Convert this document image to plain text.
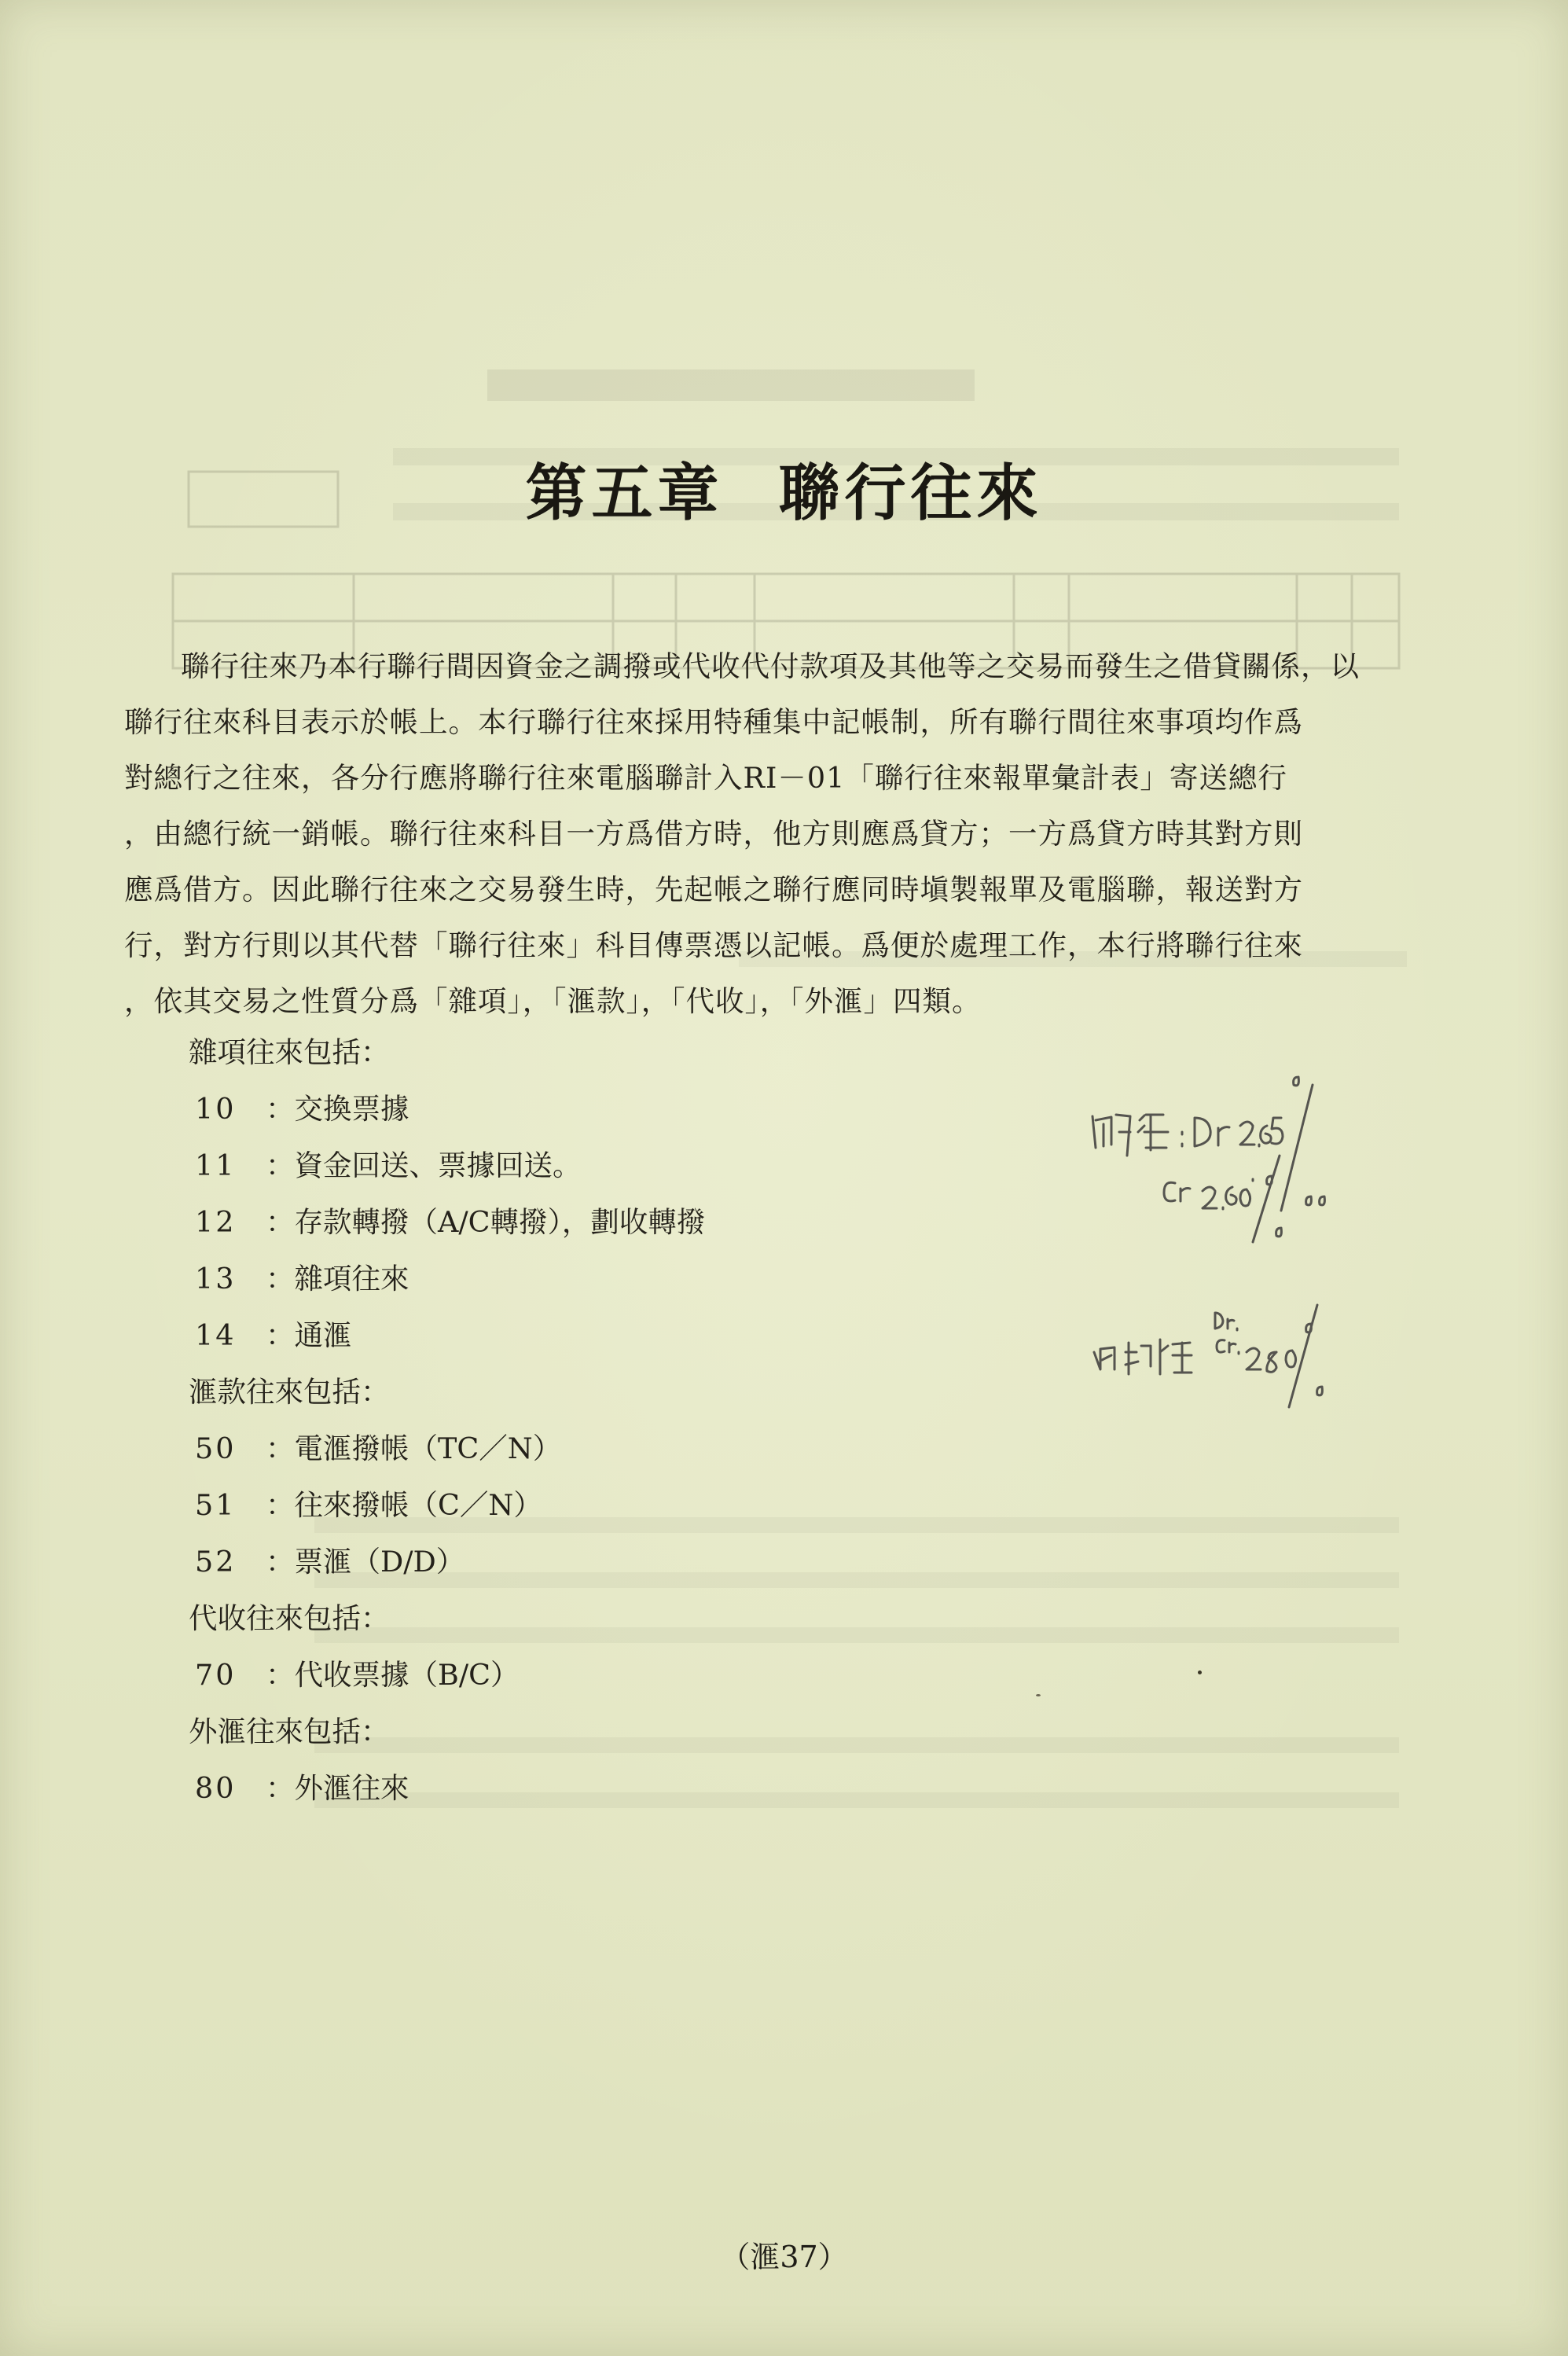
第五章 聯行往來
聯行往來乃本行聯行間因資金之調撥或代收代付款項及其他等之交易而發生之借貸關係，以
聯行往來科目表示於帳上。本行聯行往來採用特種集中記帳制，所有聯行間往來事項均作爲
對總行之往來，各分行應將聯行往來電腦聯計入RI－01「聯行往來報單彙計表」寄送總行
，由總行統一銷帳。聯行往來科目一方爲借方時，他方則應爲貸方；一方爲貸方時其對方則
應爲借方。因此聯行往來之交易發生時，先起帳之聯行應同時塡製報單及電腦聯，報送對方
行，對方行則以其代替「聯行往來」科目傳票憑以記帳。爲便於處理工作，本行將聯行往來
，依其交易之性質分爲「雜項」，「滙款」，「代收」，「外滙」四類。
雜項往來包括：
10 ：交換票據
11 ：資金回送、票據回送。
12 ：存款轉撥（A/C轉撥），劃收轉撥
13 ：雜項往來
14 ：通滙
滙款往來包括：
50 ：電滙撥帳（TC／N）
51 ：往來撥帳（C／N）
52 ：票滙（D/D）
代收往來包括：
70 ：代收票據（B/C）
外滙往來包括：
80 ：外滙往來
（滙37）
